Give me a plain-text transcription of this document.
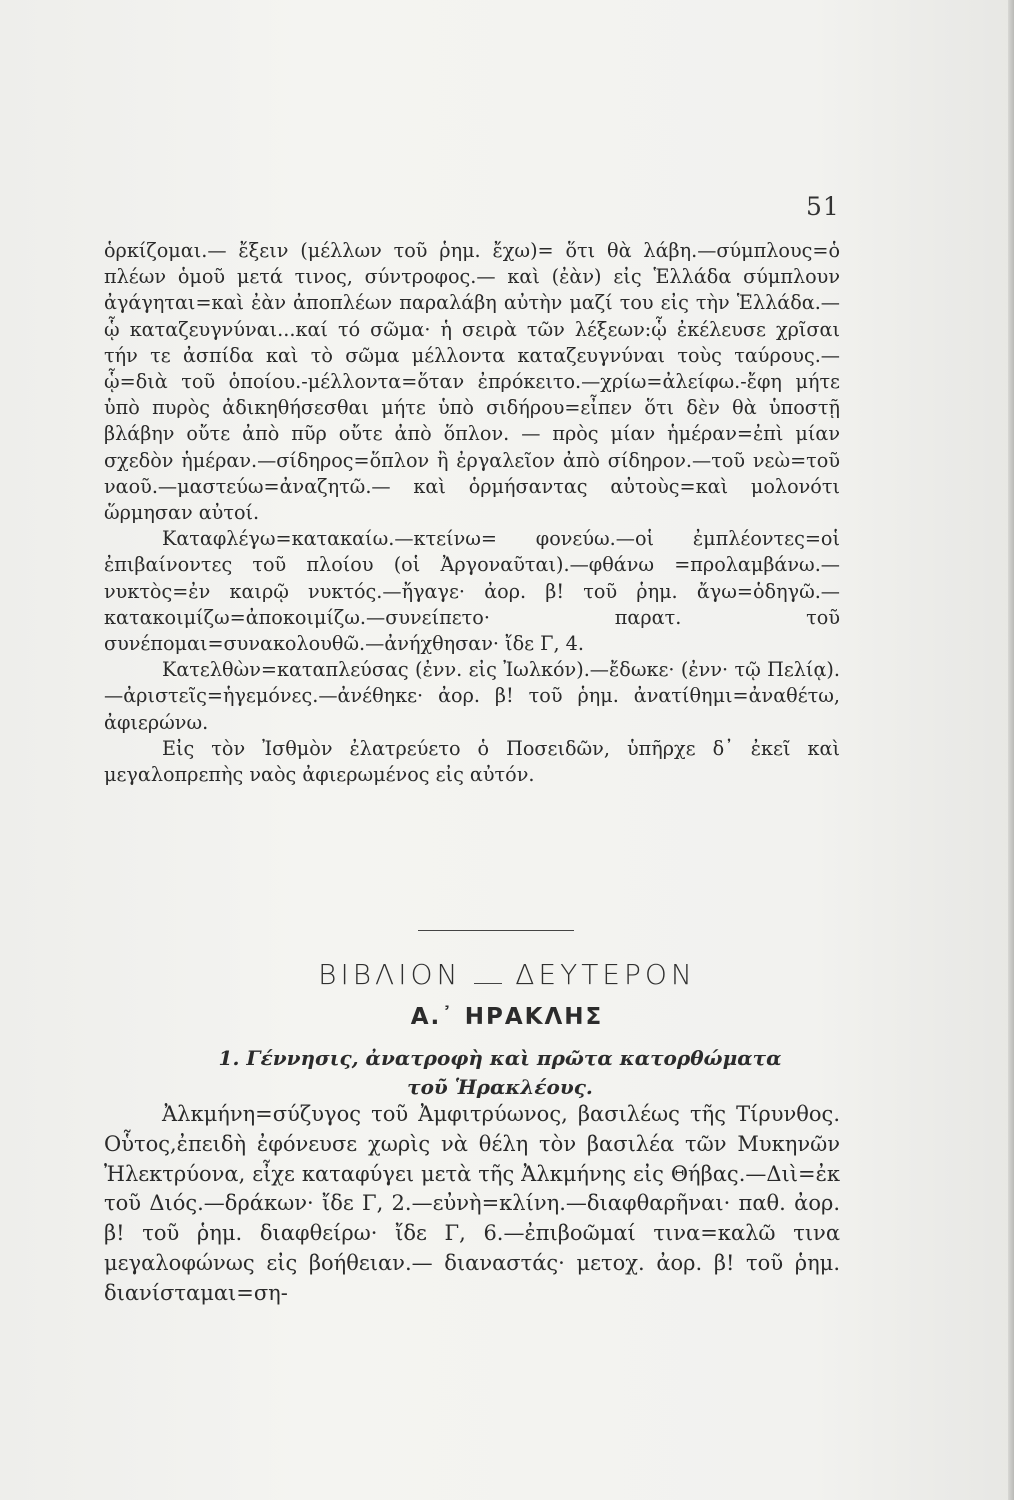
51

ὁρκίζομαι.— ἔξειν (μέλλων τοῦ ῥημ. ἔχω)= ὅτι θὰ λάβη.—σύμπλους=ὁ πλέων ὁμοῦ μετά τινος, σύντροφος.— καὶ (ἐὰν) εἰς Ἑλλάδα σύμπλουν ἀγάγηται=καὶ ἐὰν ἀποπλέων παραλάβη αὐτὴν μαζί του εἰς τὴν Ἑλλάδα.—ᾧ καταζευγνύναι...καί τό σῶμα· ἡ σειρὰ τῶν λέξεων:ᾧ ἐκέλευσε χρῖσαι τήν τε ἀσπίδα καὶ τὸ σῶμα μέλλοντα καταζευγνύναι τοὺς ταύρους.—ᾧ=διὰ τοῦ ὁποίου.-μέλλοντα=ὅταν ἐπρόκειτο.—χρίω=ἀλείφω.-ἔφη μήτε ὑπὸ πυρὸς ἀδικηθήσεσθαι μήτε ὑπὸ σιδήρου=εἶπεν ὅτι δὲν θὰ ὑποστῇ βλάβην οὔτε ἀπὸ πῦρ οὔτε ἀπὸ ὅπλον. — πρὸς μίαν ἡμέραν=ἐπὶ μίαν σχεδὸν ἡμέραν.—σίδηρος=ὅπλον ἢ ἐργαλεῖον ἀπὸ σίδηρον.—τοῦ νεὼ=τοῦ ναοῦ.—μαστεύω=ἀναζητῶ.— καὶ ὁρμήσαντας αὐτοὺς=καὶ μολονότι ὥρμησαν αὐτοί.

Καταφλέγω=κατακαίω.—κτείνω= φονεύω.—οἱ ἐμπλέοντες=οἱ ἐπιβαίνοντες τοῦ πλοίου (οἱ Ἀργοναῦται).—φθάνω =προλαμβάνω.—νυκτὸς=ἐν καιρῷ νυκτός.—ἤγαγε· ἀορ. β! τοῦ ῥημ. ἄγω=ὁδηγῶ.—κατακοιμίζω=ἀποκοιμίζω.—συνείπετο· παρατ. τοῦ συνέπομαι=συνακολουθῶ.—ἀνήχθησαν· ἴδε Γ, 4.

Κατελθὼν=καταπλεύσας (ἐνν. εἰς Ἰωλκόν).—ἔδωκε· (ἐνν· τῷ Πελίᾳ).—ἀριστεῖς=ἡγεμόνες.—ἀνέθηκε· ἀορ. β! τοῦ ῥημ. ἀνατίθημι=ἀναθέτω, ἀφιερώνω.

Εἰς τὸν Ἰσθμὸν ἐλατρεύετο ὁ Ποσειδῶν, ὑπῆρχε δ᾽ ἐκεῖ καὶ μεγαλοπρεπὴς ναὸς ἀφιερωμένος εἰς αὐτόν.

ΒΙΒΛΙΟΝ ΔΕΥΤΕΡΟΝ
Α.᾽ ΗΡΑΚΛΗΣ
1. Γέννησις, ἀνατροφὴ καὶ πρῶτα κατορθώματα
τοῦ Ἡρακλέους.

Ἀλκμήνη=σύζυγος τοῦ Ἀμφιτρύωνος, βασιλέως τῆς Τίρυνθος. Οὗτος,ἐπειδὴ ἐφόνευσε χωρὶς νὰ θέλη τὸν βασιλέα τῶν Μυκηνῶν Ἠλεκτρύονα, εἶχε καταφύγει μετὰ τῆς Ἀλκμήνης εἰς Θήβας.—Διὶ=ἐκ τοῦ Διός.—δράκων· ἴδε Γ, 2.—εὐνὴ=κλίνη.—διαφθαρῆναι· παθ. ἀορ. β! τοῦ ῥημ. διαφθείρω· ἴδε Γ, 6.—ἐπιβοῶμαί τινα=καλῶ τινα μεγαλοφώνως εἰς βοήθειαν.— διαναστάς· μετοχ. ἀορ. β! τοῦ ῥημ. διανίσταμαι=ση-
